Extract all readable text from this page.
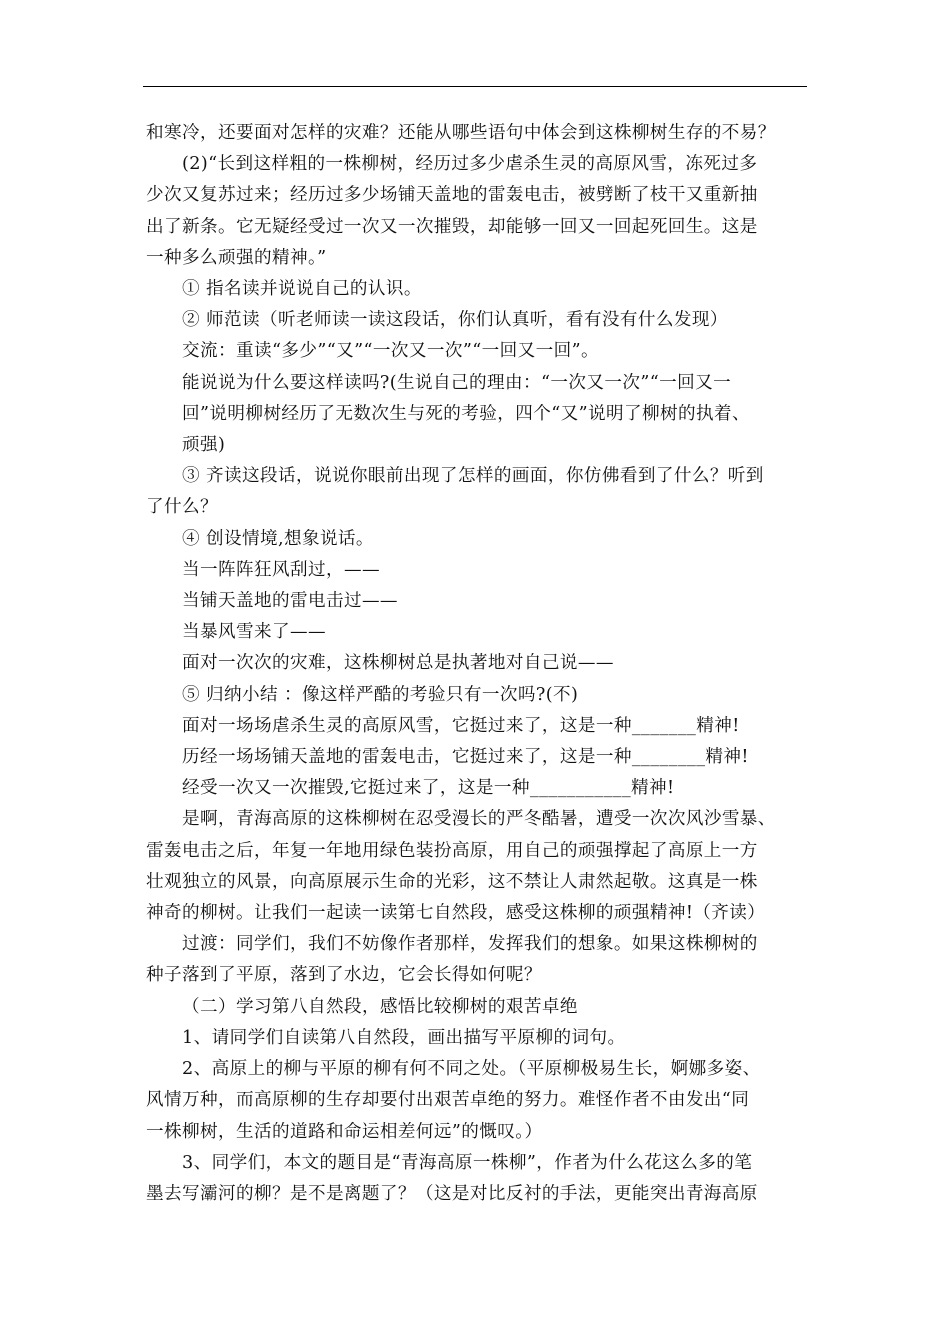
和寒冷，还要面对怎样的灾难？还能从哪些语句中体会到这株柳树生存的不易？

(2)“长到这样粗的一株柳树，经历过多少虐杀生灵的高原风雪，冻死过多

少次又复苏过来；经历过多少场铺天盖地的雷轰电击，被劈断了枝干又重新抽

出了新条。它无疑经受过一次又一次摧毁，却能够一回又一回起死回生。这是

一种多么顽强的精神。”

① 指名读并说说自己的认识。

② 师范读（听老师读一读这段话，你们认真听，看有没有什么发现）

交流：重读“多少”“又”“一次又一次”“一回又一回”。

能说说为什么要这样读吗?(生说自己的理由：“一次又一次”“一回又一

回”说明柳树经历了无数次生与死的考验，四个“又”说明了柳树的执着、

顽强)

③ 齐读这段话，说说你眼前出现了怎样的画面，你仿佛看到了什么？听到

了什么？

④ 创设情境,想象说话。

当一阵阵狂风刮过，——

当铺天盖地的雷电击过——

当暴风雪来了——

面对一次次的灾难，这株柳树总是执著地对自己说——

⑤ 归纳小结 ：像这样严酷的考验只有一次吗?(不)

面对一场场虐杀生灵的高原风雪，它挺过来了，这是一种_______精神!

历经一场场铺天盖地的雷轰电击，它挺过来了，这是一种________精神!

经受一次又一次摧毁,它挺过来了，这是一种___________精神!

是啊，青海高原的这株柳树在忍受漫长的严冬酷暑，遭受一次次风沙雪暴、

雷轰电击之后，年复一年地用绿色装扮高原，用自己的顽强撑起了高原上一方

壮观独立的风景，向高原展示生命的光彩，这不禁让人肃然起敬。这真是一株

神奇的柳树。让我们一起读一读第七自然段，感受这株柳的顽强精神!（齐读）

过渡：同学们，我们不妨像作者那样，发挥我们的想象。如果这株柳树的

种子落到了平原，落到了水边，它会长得如何呢？

（二）学习第八自然段，感悟比较柳树的艰苦卓绝

1、请同学们自读第八自然段，画出描写平原柳的词句。

2、高原上的柳与平原的柳有何不同之处。（平原柳极易生长，婀娜多姿、

风情万种，而高原柳的生存却要付出艰苦卓绝的努力。难怪作者不由发出“同

一株柳树，生活的道路和命运相差何远”的慨叹。）

3、同学们，本文的题目是“青海高原一株柳”，作者为什么花这么多的笔

墨去写灞河的柳？是不是离题了？（这是对比反衬的手法，更能突出青海高原
